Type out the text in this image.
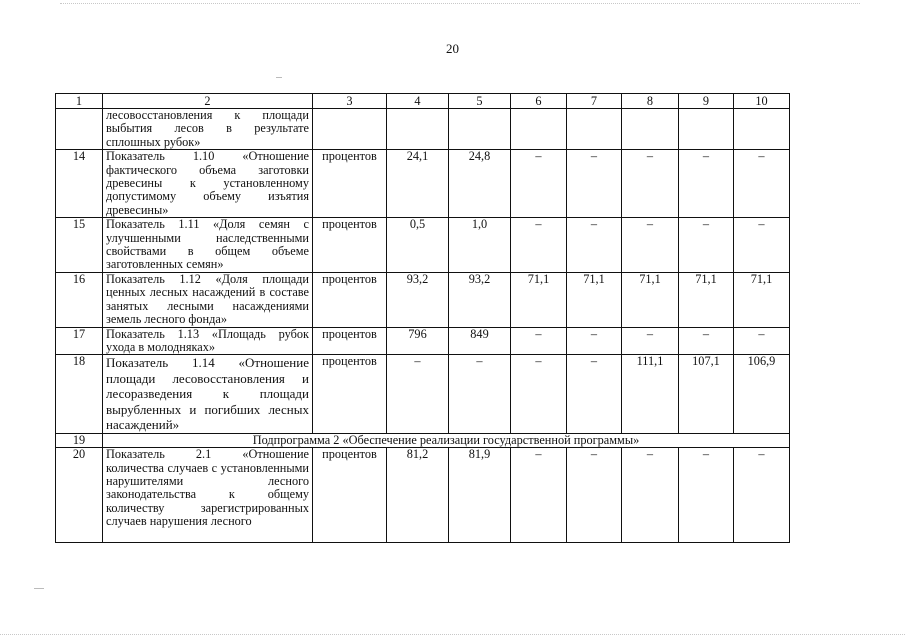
20
1	2	3	4	5	6	7	8	9	10
	лесовосстановления к площади выбытия лесов в результате сплошных рубок»								
14	Показатель 1.10 «Отношение фактического объема заготовки древесины к установленному допустимому объему изъятия древесины»	процентов	24,1	24,8	–	–	–	–	–
15	Показатель 1.11 «Доля семян с улучшенными наследственными свойствами в общем объеме заготовленных семян»	процентов	0,5	1,0	–	–	–	–	–
16	Показатель 1.12 «Доля площади ценных лесных насаждений в составе занятых лесными насаждениями земель лесного фонда»	процентов	93,2	93,2	71,1	71,1	71,1	71,1	71,1
17	Показатель 1.13 «Площадь рубок ухода в молодняках»	процентов	796	849	–	–	–	–	–
18	Показатель 1.14 «Отношение площади лесовосстановления и лесоразведения к площади вырубленных и погибших лесных насаждений»	процентов	–	–	–	–	111,1	107,1	106,9
19	Подпрограмма 2 «Обеспечение реализации государственной программы»								
20	Показатель 2.1 «Отношение количества случаев с установленными нарушителями лесного законодательства к общему количеству зарегистрированных случаев нарушения лесного	процентов	81,2	81,9	–	–	–	–	–
